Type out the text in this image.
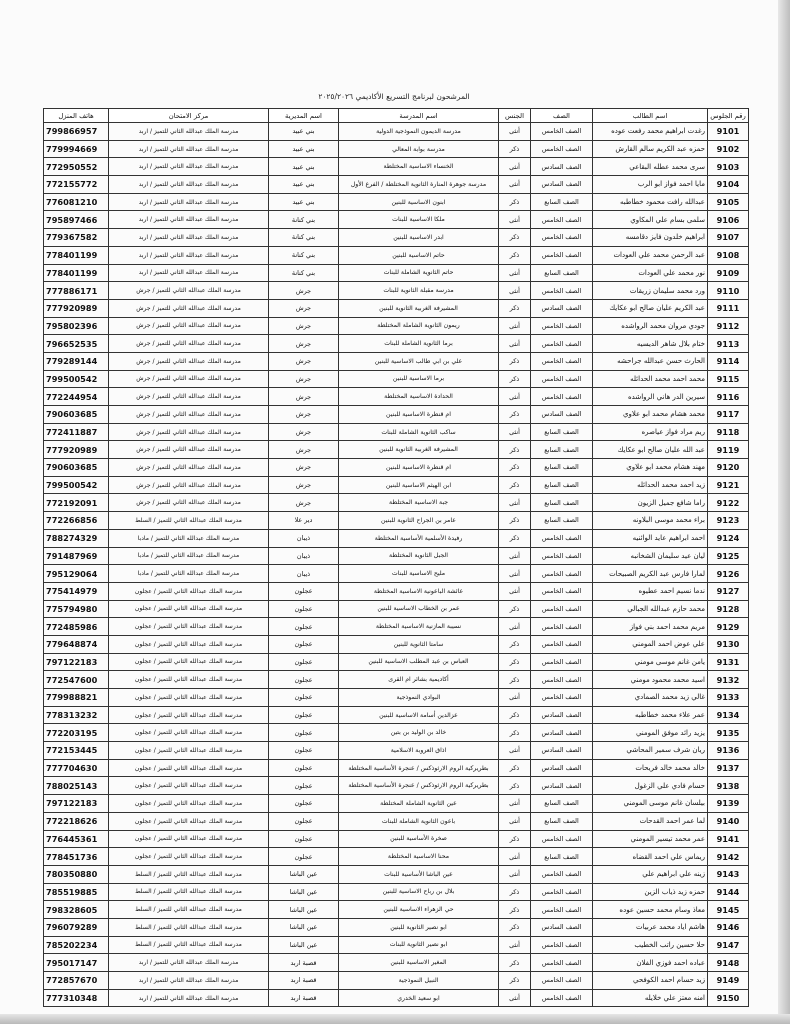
المرشحون لبرنامج التسريع الأكاديمي ٢٠٢٥/٢٠٢٦
هاتف المنزل	مركز الامتحان	اسم المديرية	اسم المدرسة	الجنس	الصف	اسم الطالب	رقم الجلوس
799866957	مدرسة الملك عبدالله الثاني للتميز / اربد	بني عبيد	مدرسة الديمون النموذجية الدولية	أنثى	الصف الخامس	رغدت ابراهيم محمد رفعت عوده	9101
779994669	مدرسة الملك عبدالله الثاني للتميز / اربد	بني عبيد	مدرسة بوابة المعالي	ذكر	الصف الخامس	حمزه عبد الكريم سالم القارش	9102
772950552	مدرسة الملك عبدالله الثاني للتميز / اربد	بني عبيد	الخنساء الاساسية المختلطة	أنثى	الصف السادس	سرى محمد عطله البقاعي	9103
772155772	مدرسة الملك عبدالله الثاني للتميز / اربد	بني عبيد	مدرسة جوهرة المنارة الثانوية المختلطة / الفرع الأول	أنثى	الصف السادس	مايا احمد فواز ابو الرب	9104
776081210	مدرسة الملك عبدالله الثاني للتميز / اربد	بني عبيد	ابنون الاساسية للبنين	ذكر	الصف السابع	عبدالله رافت محمود خطاطبه	9105
795897466	مدرسة الملك عبدالله الثاني للتميز / اربد	بني كنانة	ملكا الاساسية للبنات	أنثى	الصف الخامس	سلمى بسام علي المكاوي	9106
779367582	مدرسة الملك عبدالله الثاني للتميز / اربد	بني كنانة	ابدر الاساسية للبنين	ذكر	الصف الخامس	ابراهيم خلدون فايز دقامسه	9107
778401199	مدرسة الملك عبدالله الثاني للتميز / اربد	بني كنانة	حاتم الاساسية للبنين	ذكر	الصف الخامس	عبد الرحمن محمد علي العودات	9108
778401199	مدرسة الملك عبدالله الثاني للتميز / اربد	بني كنانة	حاتم الثانوية الشاملة للبنات	أنثى	الصف السابع	نور محمد علي العودات	9109
777886171	مدرسة الملك عبدالله الثاني للتميز / جرش	جرش	مدرسة مقبلة الثانوية للبنات	أنثى	الصف الخامس	ورد محمد سليمان زريقات	9110
777920989	مدرسة الملك عبدالله الثاني للتميز / جرش	جرش	المشيرفة الغربية الثانوية للبنين	ذكر	الصف السادس	عبد الكريم عليان صالح ابو عكايك	9111
795802396	مدرسة الملك عبدالله الثاني للتميز / جرش	جرش	ريمون الثانوية الشاملة المختلطة	أنثى	الصف الخامس	جودي مروان محمد الرواشده	9112
796652535	مدرسة الملك عبدالله الثاني للتميز / جرش	جرش	برما الثانوية الشاملة للبنات	أنثى	الصف الخامس	ختام بلال شاهر الديسيه	9113
779289144	مدرسة الملك عبدالله الثاني للتميز / جرش	جرش	علي بن ابي طالب الاساسية للبنين	ذكر	الصف الخامس	الحارث حسن عبدالله جراحشه	9114
799500542	مدرسة الملك عبدالله الثاني للتميز / جرش	جرش	برما الاساسية للبنين	ذكر	الصف الخامس	محمد احمد محمد الحدائله	9115
772244954	مدرسة الملك عبدالله الثاني للتميز / جرش	جرش	الحدادة الاساسية المختلطة	أنثى	الصف الخامس	سيرين الدر هاني الرواشده	9116
790603685	مدرسة الملك عبدالله الثاني للتميز / جرش	جرش	ام قنطرة الاساسية للبنين	ذكر	الصف السادس	محمد هشام محمد ابو علاوي	9117
772411887	مدرسة الملك عبدالله الثاني للتميز / جرش	جرش	ساكب الثانوية الشاملة للبنات	أنثى	الصف السابع	ريم مراد فواز عياصره	9118
777920989	مدرسة الملك عبدالله الثاني للتميز / جرش	جرش	المشيرفة الغربية الثانوية للبنين	ذكر	الصف السابع	عبد الله عليان صالح ابو عكايك	9119
790603685	مدرسة الملك عبدالله الثاني للتميز / جرش	جرش	ام قنطرة الاساسية للبنين	ذكر	الصف السابع	مهند هشام محمد ابو علاوي	9120
799500542	مدرسة الملك عبدالله الثاني للتميز / جرش	جرش	ابن الهيثم الاساسية للبنين	ذكر	الصف السابع	زيد احمد محمد الحدائله	9121
772192091	مدرسة الملك عبدالله الثاني للتميز / جرش	جرش	جبة الاساسية المختلطة	أنثى	الصف السابع	راما شافع جميل الزيون	9122
772266856	مدرسة الملك عبدالله الثاني للتميز / السلط	دير علا	عامر بن الجراح الثانوية للبنين	ذكر	الصف السابع	براء محمد موسى البلاونه	9123
788274329	مدرسة الملك عبدالله الثاني للتميز / مادبا	ذيبان	رفيدة الأسلمية الأساسية المختلطة	ذكر	الصف الخامس	احمد ابراهيم عايد الوائنيه	9124
791487969	مدرسة الملك عبدالله الثاني للتميز / مادبا	ذيبان	الجبل الثانوية المختلطة	أنثى	الصف الخامس	ليان عيد سليمان الشخانبه	9125
795129064	مدرسة الملك عبدالله الثاني للتميز / مادبا	ذيبان	مليح الاساسية للبنات	أنثى	الصف الخامس	لمارا فارس عبد الكريم الصبيحات	9126
775414979	مدرسة الملك عبدالله الثاني للتميز / عجلون	عجلون	عائشة الباعونية الاساسية المختلطة	أنثى	الصف الخامس	ندما نسيم احمد عطيوه	9127
775794980	مدرسة الملك عبدالله الثاني للتميز / عجلون	عجلون	عمر بن الخطاب الاساسية للبنين	ذكر	الصف الخامس	محمد حازم عبدالله الجبالي	9128
772485986	مدرسة الملك عبدالله الثاني للتميز / عجلون	عجلون	نسيبة المازنية الاساسية المختلطة	أنثى	الصف الخامس	مريم محمد احمد بني فواز	9129
779648874	مدرسة الملك عبدالله الثاني للتميز / عجلون	عجلون	سامتا الثانوية للبنين	ذكر	الصف الخامس	علي عوض احمد المومني	9130
797122183	مدرسة الملك عبدالله الثاني للتميز / عجلون	عجلون	العباس بن عبد المطلب الاساسية للبنين	ذكر	الصف الخامس	يامن غانم موسى مومني	9131
772547600	مدرسة الملك عبدالله الثاني للتميز / عجلون	عجلون	أكاديمية بشائر ام القرى	ذكر	الصف الخامس	اسيد محمد محمود مومني	9132
779988821	مدرسة الملك عبدالله الثاني للتميز / عجلون	عجلون	البوادي النموذجية	أنثى	الصف الخامس	غالي زيد محمد الصمادي	9133
778313232	مدرسة الملك عبدالله الثاني للتميز / عجلون	عجلون	عزالدين أسامة الاساسية للبنين	ذكر	الصف السادس	عمر علاء محمد خطاطبه	9134
772203195	مدرسة الملك عبدالله الثاني للتميز / عجلون	عجلون	خالد بن الوليد بن بتين	ذكر	الصف السادس	يزيد رائد موفق المومني	9135
772153445	مدرسة الملك عبدالله الثاني للتميز / عجلون	عجلون	اذاق العروبة الاسلامية	أنثى	الصف السادس	ريان شرف سمير المحاشي	9136
777704630	مدرسة الملك عبدالله الثاني للتميز / عجلون	عجلون	بطريركية الروم الارثوذكس / عنجرة الأساسية المختلطة	ذكر	الصف السادس	خالد محمد خالد فريحات	9137
788025143	مدرسة الملك عبدالله الثاني للتميز / عجلون	عجلون	بطريركية الروم الارثوذكس / عنجرة الأساسية المختلطة	ذكر	الصف السادس	حسام فادي علي الزغول	9138
797122183	مدرسة الملك عبدالله الثاني للتميز / عجلون	عجلون	عين الثانوية الشاملة المختلطة	أنثى	الصف السابع	بيلسان غانم موسى المومني	9139
772218626	مدرسة الملك عبدالله الثاني للتميز / عجلون	عجلون	باعون الثانوية الشاملة للبنات	أنثى	الصف السابع	لما عمر احمد القدحات	9140
776445361	مدرسة الملك عبدالله الثاني للتميز / عجلون	عجلون	صخرة الأساسية للبنين	ذكر	الصف الخامس	عمر محمد تيسير المومني	9141
778451736	مدرسة الملك عبدالله الثاني للتميز / عجلون	عجلون	محنا الاساسية المختلطة	أنثى	الصف السابع	ريماس علي احمد القضاه	9142
780350880	مدرسة الملك عبدالله الثاني للتميز / السلط	عين الباشا	عين الباشا الأساسية للبنات	أنثى	الصف الخامس	زينه علي ابراهيم علي	9143
785519885	مدرسة الملك عبدالله الثاني للتميز / السلط	عين الباشا	بلال بن رباح الاساسية للبنين	ذكر	الصف الخامس	حمزه زيد ذياب الزين	9144
798328605	مدرسة الملك عبدالله الثاني للتميز / السلط	عين الباشا	حي الزهراء الاساسية للبنين	ذكر	الصف الخامس	معاذ وسام محمد حسين عوده	9145
796079289	مدرسة الملك عبدالله الثاني للتميز / السلط	عين الباشا	ابو نصير الثانوية للبنين	ذكر	الصف السادس	هاشم اياد محمد عربيات	9146
785202234	مدرسة الملك عبدالله الثاني للتميز / السلط	عين الباشا	ابو نصير الثانوية للبنات	أنثى	الصف الخامس	حلا حسين راتب الخطيب	9147
795017147	مدرسة الملك عبدالله الثاني للتميز / اربد	قصبة اربد	المغير الاساسية للبنين	ذكر	الصف الخامس	عباده احمد فوزي الفلان	9148
772857670	مدرسة الملك عبدالله الثاني للتميز / اربد	قصبة اربد	النبيل النموذجية	ذكر	الصف الخامس	زيد حسام احمد الكوفحي	9149
777310348	مدرسة الملك عبدالله الثاني للتميز / اربد	قصبة اربد	ابو سعيد الخدري	أنثى	الصف الخامس	امنه معتز علي خلايله	9150
